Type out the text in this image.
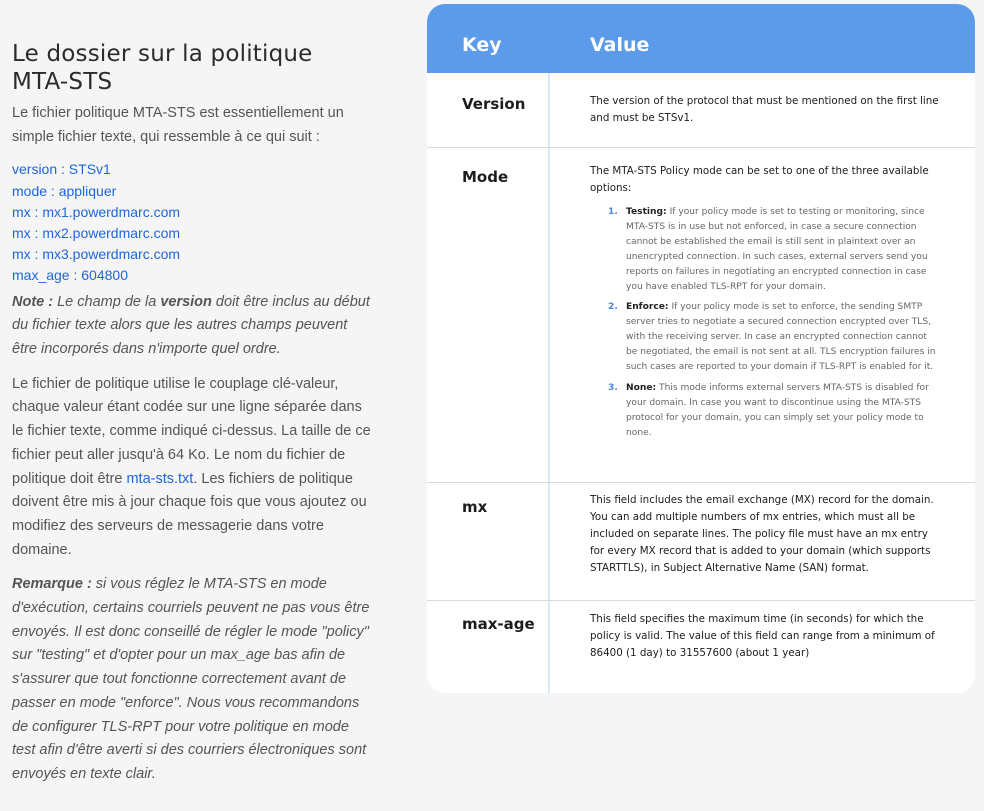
Le dossier sur la politique MTA-STS

Le fichier politique MTA-STS est essentiellement un simple fichier texte, qui ressemble à ce qui suit :

version : STSv1
mode : appliquer
mx : mx1.powerdmarc.com
mx : mx2.powerdmarc.com
mx : mx3.powerdmarc.com
max_age : 604800

Note : Le champ de la version doit être inclus au début du fichier texte alors que les autres champs peuvent être incorporés dans n'importe quel ordre.

Le fichier de politique utilise le couplage clé-valeur, chaque valeur étant codée sur une ligne séparée dans le fichier texte, comme indiqué ci-dessus. La taille de ce fichier peut aller jusqu'à 64 Ko. Le nom du fichier de politique doit être mta-sts.txt. Les fichiers de politique doivent être mis à jour chaque fois que vous ajoutez ou modifiez des serveurs de messagerie dans votre domaine.

Remarque : si vous réglez le MTA-STS en mode d'exécution, certains courriels peuvent ne pas vous être envoyés. Il est donc conseillé de régler le mode "policy" sur "testing" et d'opter pour un max_age bas afin de s'assurer que tout fonctionne correctement avant de passer en mode "enforce". Nous vous recommandons de configurer TLS-RPT pour votre politique en mode test afin d'être averti si des courriers électroniques sont envoyés en texte clair.

Key	Value
Version	The version of the protocol that must be mentioned on the first line and must be STSv1.
Mode	The MTA-STS Policy mode can be set to one of the three available options:
1. Testing: If your policy mode is set to testing or monitoring, since MTA-STS is in use but not enforced, in case a secure connection cannot be established the email is still sent in plaintext over an unencrypted connection. In such cases, external servers send you reports on failures in negotiating an encrypted connection in case you have enabled TLS-RPT for your domain.
2. Enforce: If your policy mode is set to enforce, the sending SMTP server tries to negotiate a secured connection encrypted over TLS, with the receiving server. In case an encrypted connection cannot be negotiated, the email is not sent at all. TLS encryption failures in such cases are reported to your domain if TLS-RPT is enabled for it.
3. None: This mode informs external servers MTA-STS is disabled for your domain. In case you want to discontinue using the MTA-STS protocol for your domain, you can simply set your policy mode to none.
mx	This field includes the email exchange (MX) record for the domain. You can add multiple numbers of mx entries, which must all be included on separate lines. The policy file must have an mx entry for every MX record that is added to your domain (which supports STARTTLS), in Subject Alternative Name (SAN) format.
max-age	This field specifies the maximum time (in seconds) for which the policy is valid. The value of this field can range from a minimum of 86400 (1 day) to 31557600 (about 1 year)
